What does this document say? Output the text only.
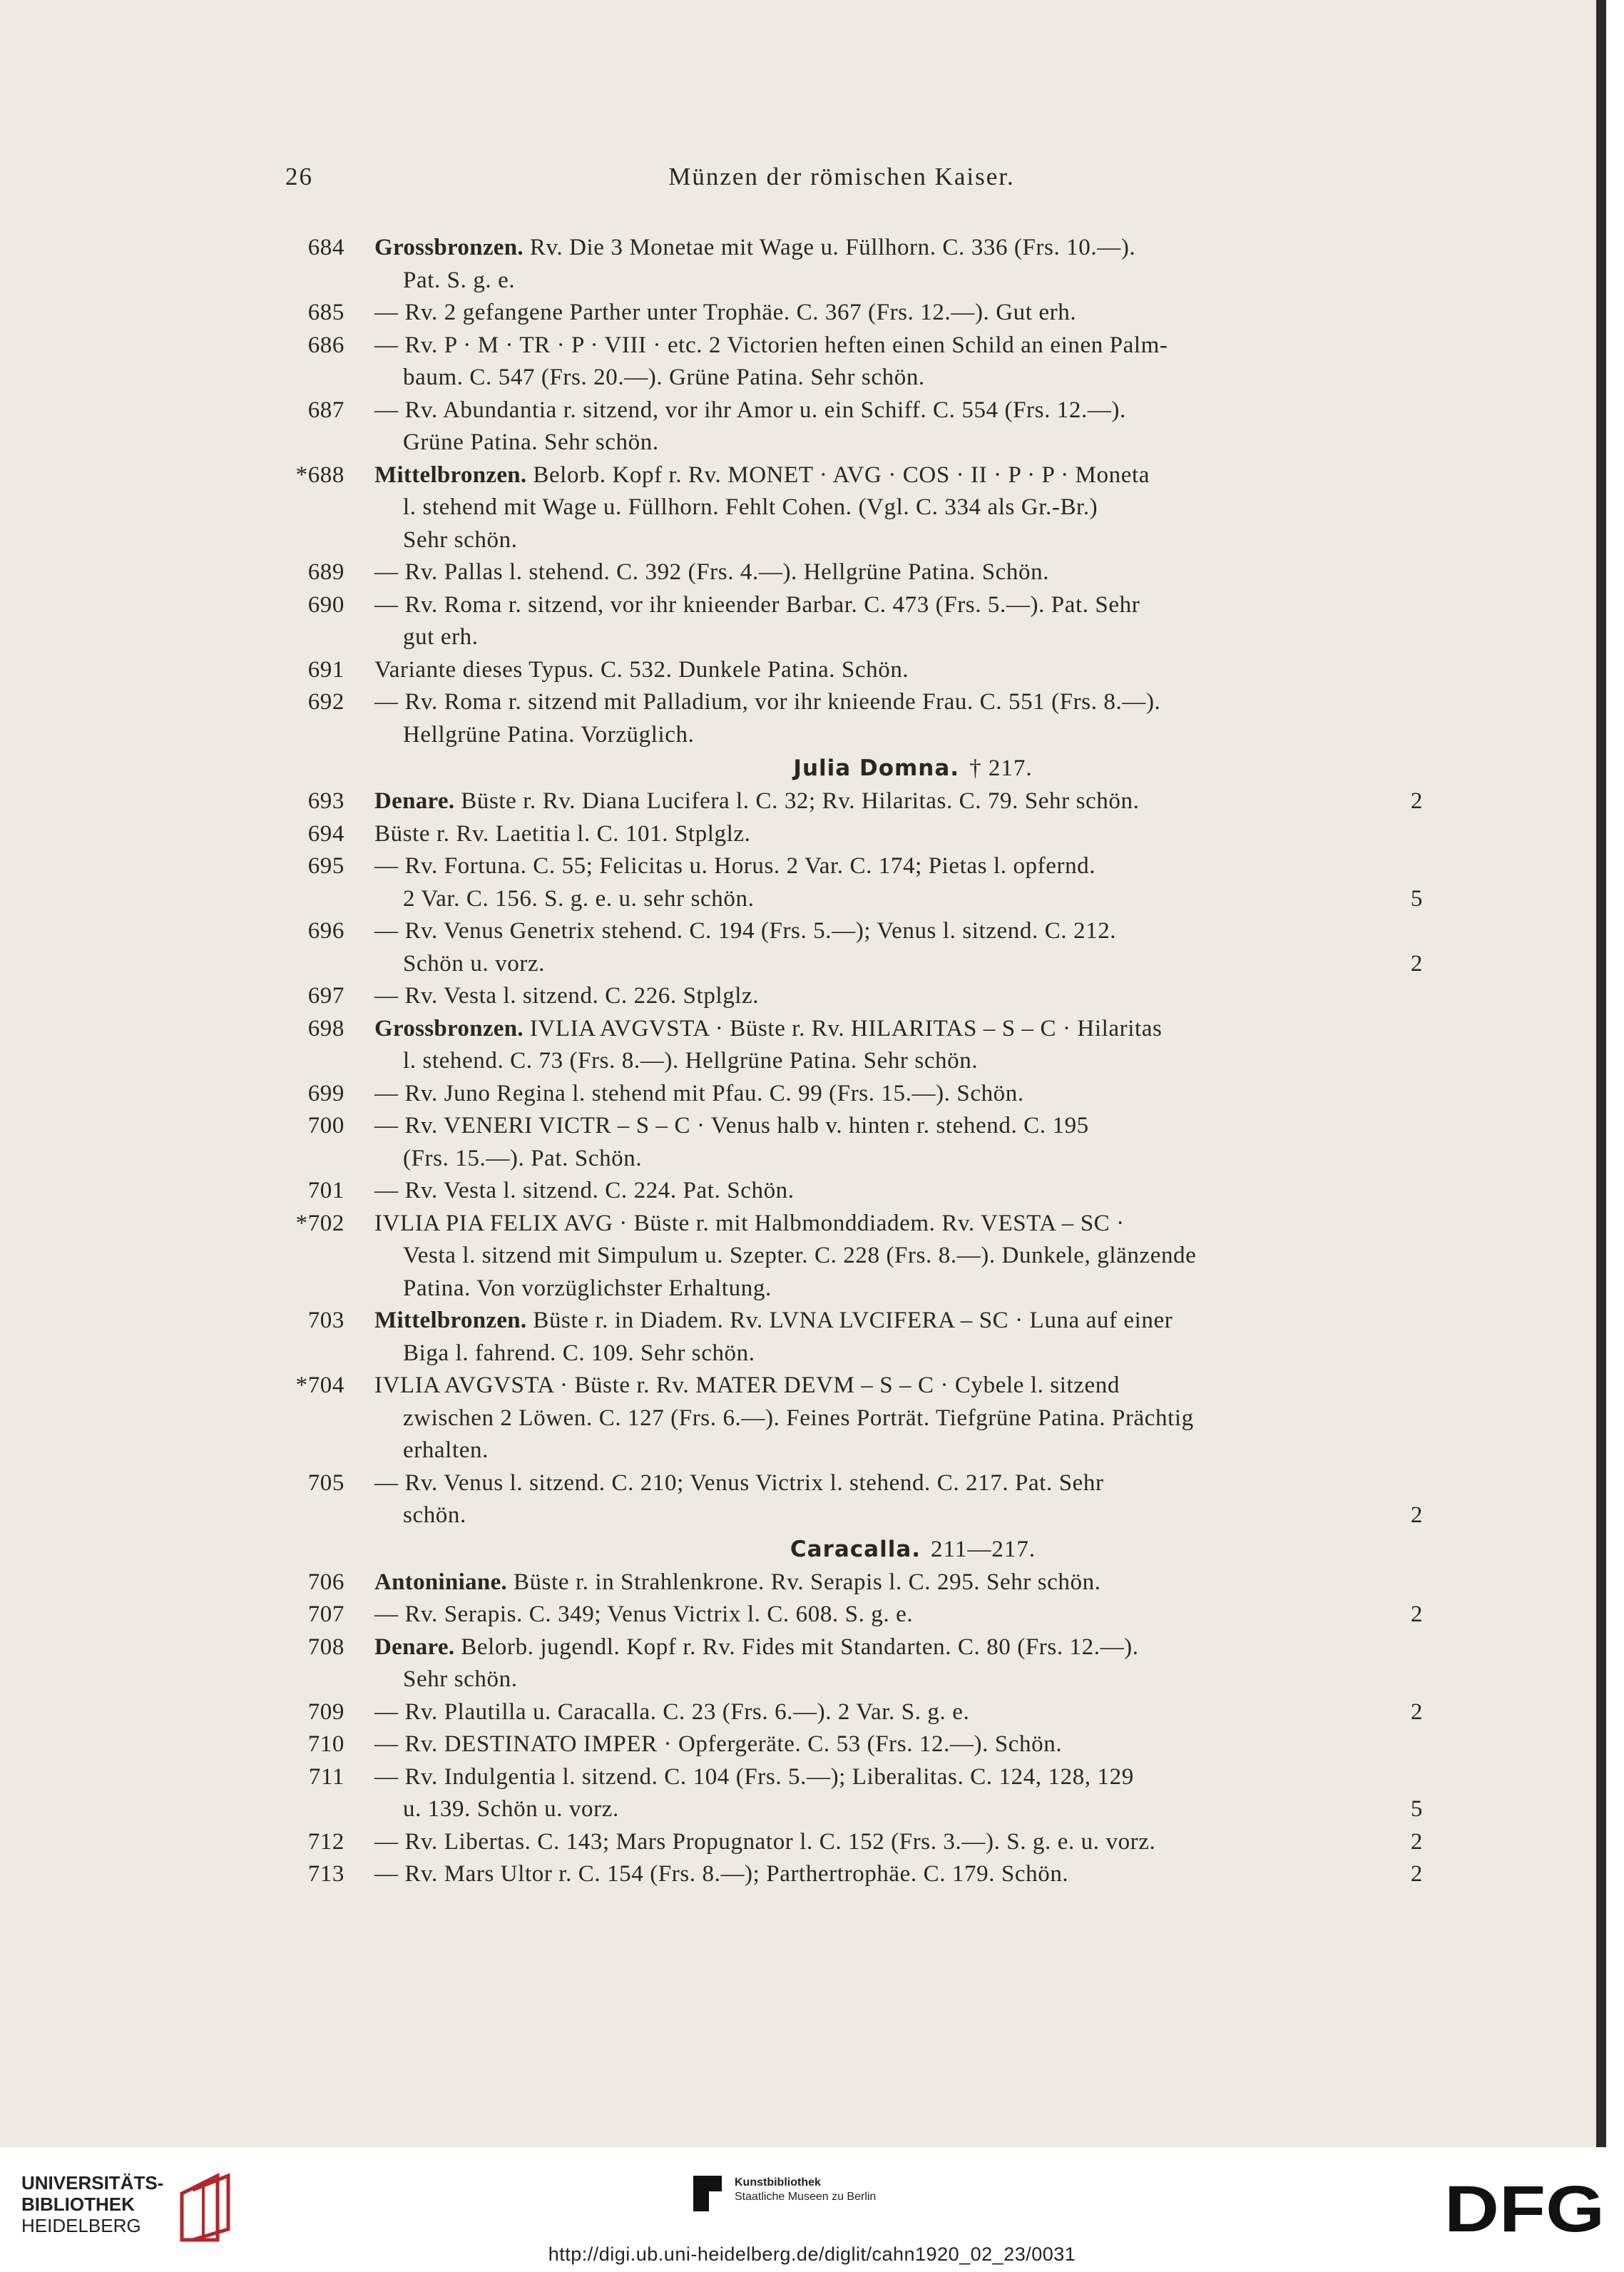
26	Münzen der römischen Kaiser.
684 Grossbronzen. Rv. Die 3 Monetae mit Wage u. Füllhorn. C. 336 (Frs. 10.—).
Pat. S. g. e.
685 — Rv. 2 gefangene Parther unter Trophäe. C. 367 (Frs. 12.—). Gut erh.
686 — Rv. P · M · TR · P · VIII · etc. 2 Victorien heften einen Schild an einen Palm-
baum. C. 547 (Frs. 20.—). Grüne Patina. Sehr schön.
687 — Rv. Abundantia r. sitzend, vor ihr Amor u. ein Schiff. C. 554 (Frs. 12.—).
Grüne Patina. Sehr schön.
*688 Mittelbronzen. Belorb. Kopf r. Rv. MONET · AVG · COS · II · P · P · Moneta
l. stehend mit Wage u. Füllhorn. Fehlt Cohen. (Vgl. C. 334 als Gr.-Br.)
Sehr schön.
689 — Rv. Pallas l. stehend. C. 392 (Frs. 4.—). Hellgrüne Patina. Schön.
690 — Rv. Roma r. sitzend, vor ihr knieender Barbar. C. 473 (Frs. 5.—). Pat. Sehr
gut erh.
691 Variante dieses Typus. C. 532. Dunkele Patina. Schön.
692 — Rv. Roma r. sitzend mit Palladium, vor ihr knieende Frau. C. 551 (Frs. 8.—).
Hellgrüne Patina. Vorzüglich.
Julia Domna. † 217.
693 Denare. Büste r. Rv. Diana Lucifera l. C. 32; Rv. Hilaritas. C. 79. Sehr schön.	2
694 Büste r. Rv. Laetitia l. C. 101. Stplglz.
695 — Rv. Fortuna. C. 55; Felicitas u. Horus. 2 Var. C. 174; Pietas l. opfernd.
2 Var. C. 156. S. g. e. u. sehr schön.	5
696 — Rv. Venus Genetrix stehend. C. 194 (Frs. 5.—); Venus l. sitzend. C. 212.
Schön u. vorz.	2
697 — Rv. Vesta l. sitzend. C. 226. Stplglz.
698 Grossbronzen. IVLIA AVGVSTA · Büste r. Rv. HILARITAS – S – C · Hilaritas
l. stehend. C. 73 (Frs. 8.—). Hellgrüne Patina. Sehr schön.
699 — Rv. Juno Regina l. stehend mit Pfau. C. 99 (Frs. 15.—). Schön.
700 — Rv. VENERI VICTR – S – C · Venus halb v. hinten r. stehend. C. 195
(Frs. 15.—). Pat. Schön.
701 — Rv. Vesta l. sitzend. C. 224. Pat. Schön.
*702 IVLIA PIA FELIX AVG · Büste r. mit Halbmonddiadem. Rv. VESTA – SC ·
Vesta l. sitzend mit Simpulum u. Szepter. C. 228 (Frs. 8.—). Dunkele, glänzende
Patina. Von vorzüglichster Erhaltung.
703 Mittelbronzen. Büste r. in Diadem. Rv. LVNA LVCIFERA – SC · Luna auf einer
Biga l. fahrend. C. 109. Sehr schön.
*704 IVLIA AVGVSTA · Büste r. Rv. MATER DEVM – S – C · Cybele l. sitzend
zwischen 2 Löwen. C. 127 (Frs. 6.—). Feines Porträt. Tiefgrüne Patina. Prächtig
erhalten.
705 — Rv. Venus l. sitzend. C. 210; Venus Victrix l. stehend. C. 217. Pat. Sehr
schön.	2
Caracalla. 211—217.
706 Antoniniane. Büste r. in Strahlenkrone. Rv. Serapis l. C. 295. Sehr schön.
707 — Rv. Serapis. C. 349; Venus Victrix l. C. 608. S. g. e.	2
708 Denare. Belorb. jugendl. Kopf r. Rv. Fides mit Standarten. C. 80 (Frs. 12.—).
Sehr schön.
709 — Rv. Plautilla u. Caracalla. C. 23 (Frs. 6.—). 2 Var. S. g. e.	2
710 — Rv. DESTINATO IMPER · Opfergeräte. C. 53 (Frs. 12.—). Schön.
711 — Rv. Indulgentia l. sitzend. C. 104 (Frs. 5.—); Liberalitas. C. 124, 128, 129
u. 139. Schön u. vorz.	5
712 — Rv. Libertas. C. 143; Mars Propugnator l. C. 152 (Frs. 3.—). S. g. e. u. vorz.	2
713 — Rv. Mars Ultor r. C. 154 (Frs. 8.—); Parthertrophäe. C. 179. Schön.	2
UNIVERSITÄTS-
BIBLIOTHEK
HEIDELBERG
Kunstbibliothek
Staatliche Museen zu Berlin	DFG
http://digi.ub.uni-heidelberg.de/diglit/cahn1920_02_23/0031
